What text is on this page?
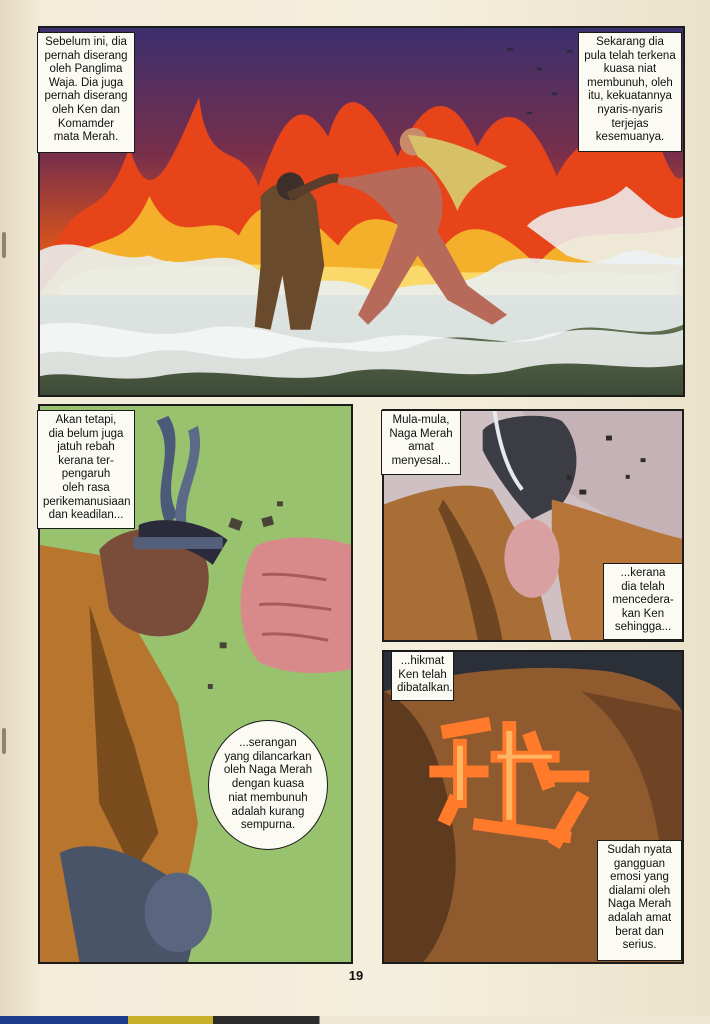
Sebelum ini, dia
pernah diserang
oleh Panglima
Waja. Dia juga
pernah diserang
oleh Ken dan
Komamder
mata Merah.
Sekarang dia
pula telah terkena
kuasa niat
membunuh, oleh
itu, kekuatannya
nyaris-nyaris
terjejas
kesemuanya.
Akan tetapi,
dia belum juga
jatuh rebah
kerana ter-
pengaruh
oleh rasa
perikemanusiaan
dan keadilan...
...serangan
yang dilancarkan
oleh Naga Merah
dengan kuasa
niat membunuh
adalah kurang
sempurna.
Mula-mula,
Naga Merah
amat
menyesal...
...kerana
dia telah
mencedera-
kan Ken
sehingga...
...hikmat
Ken telah
dibatalkan.
Sudah nyata
gangguan
emosi yang
dialami oleh
Naga Merah
adalah amat
berat dan
serius.
19
